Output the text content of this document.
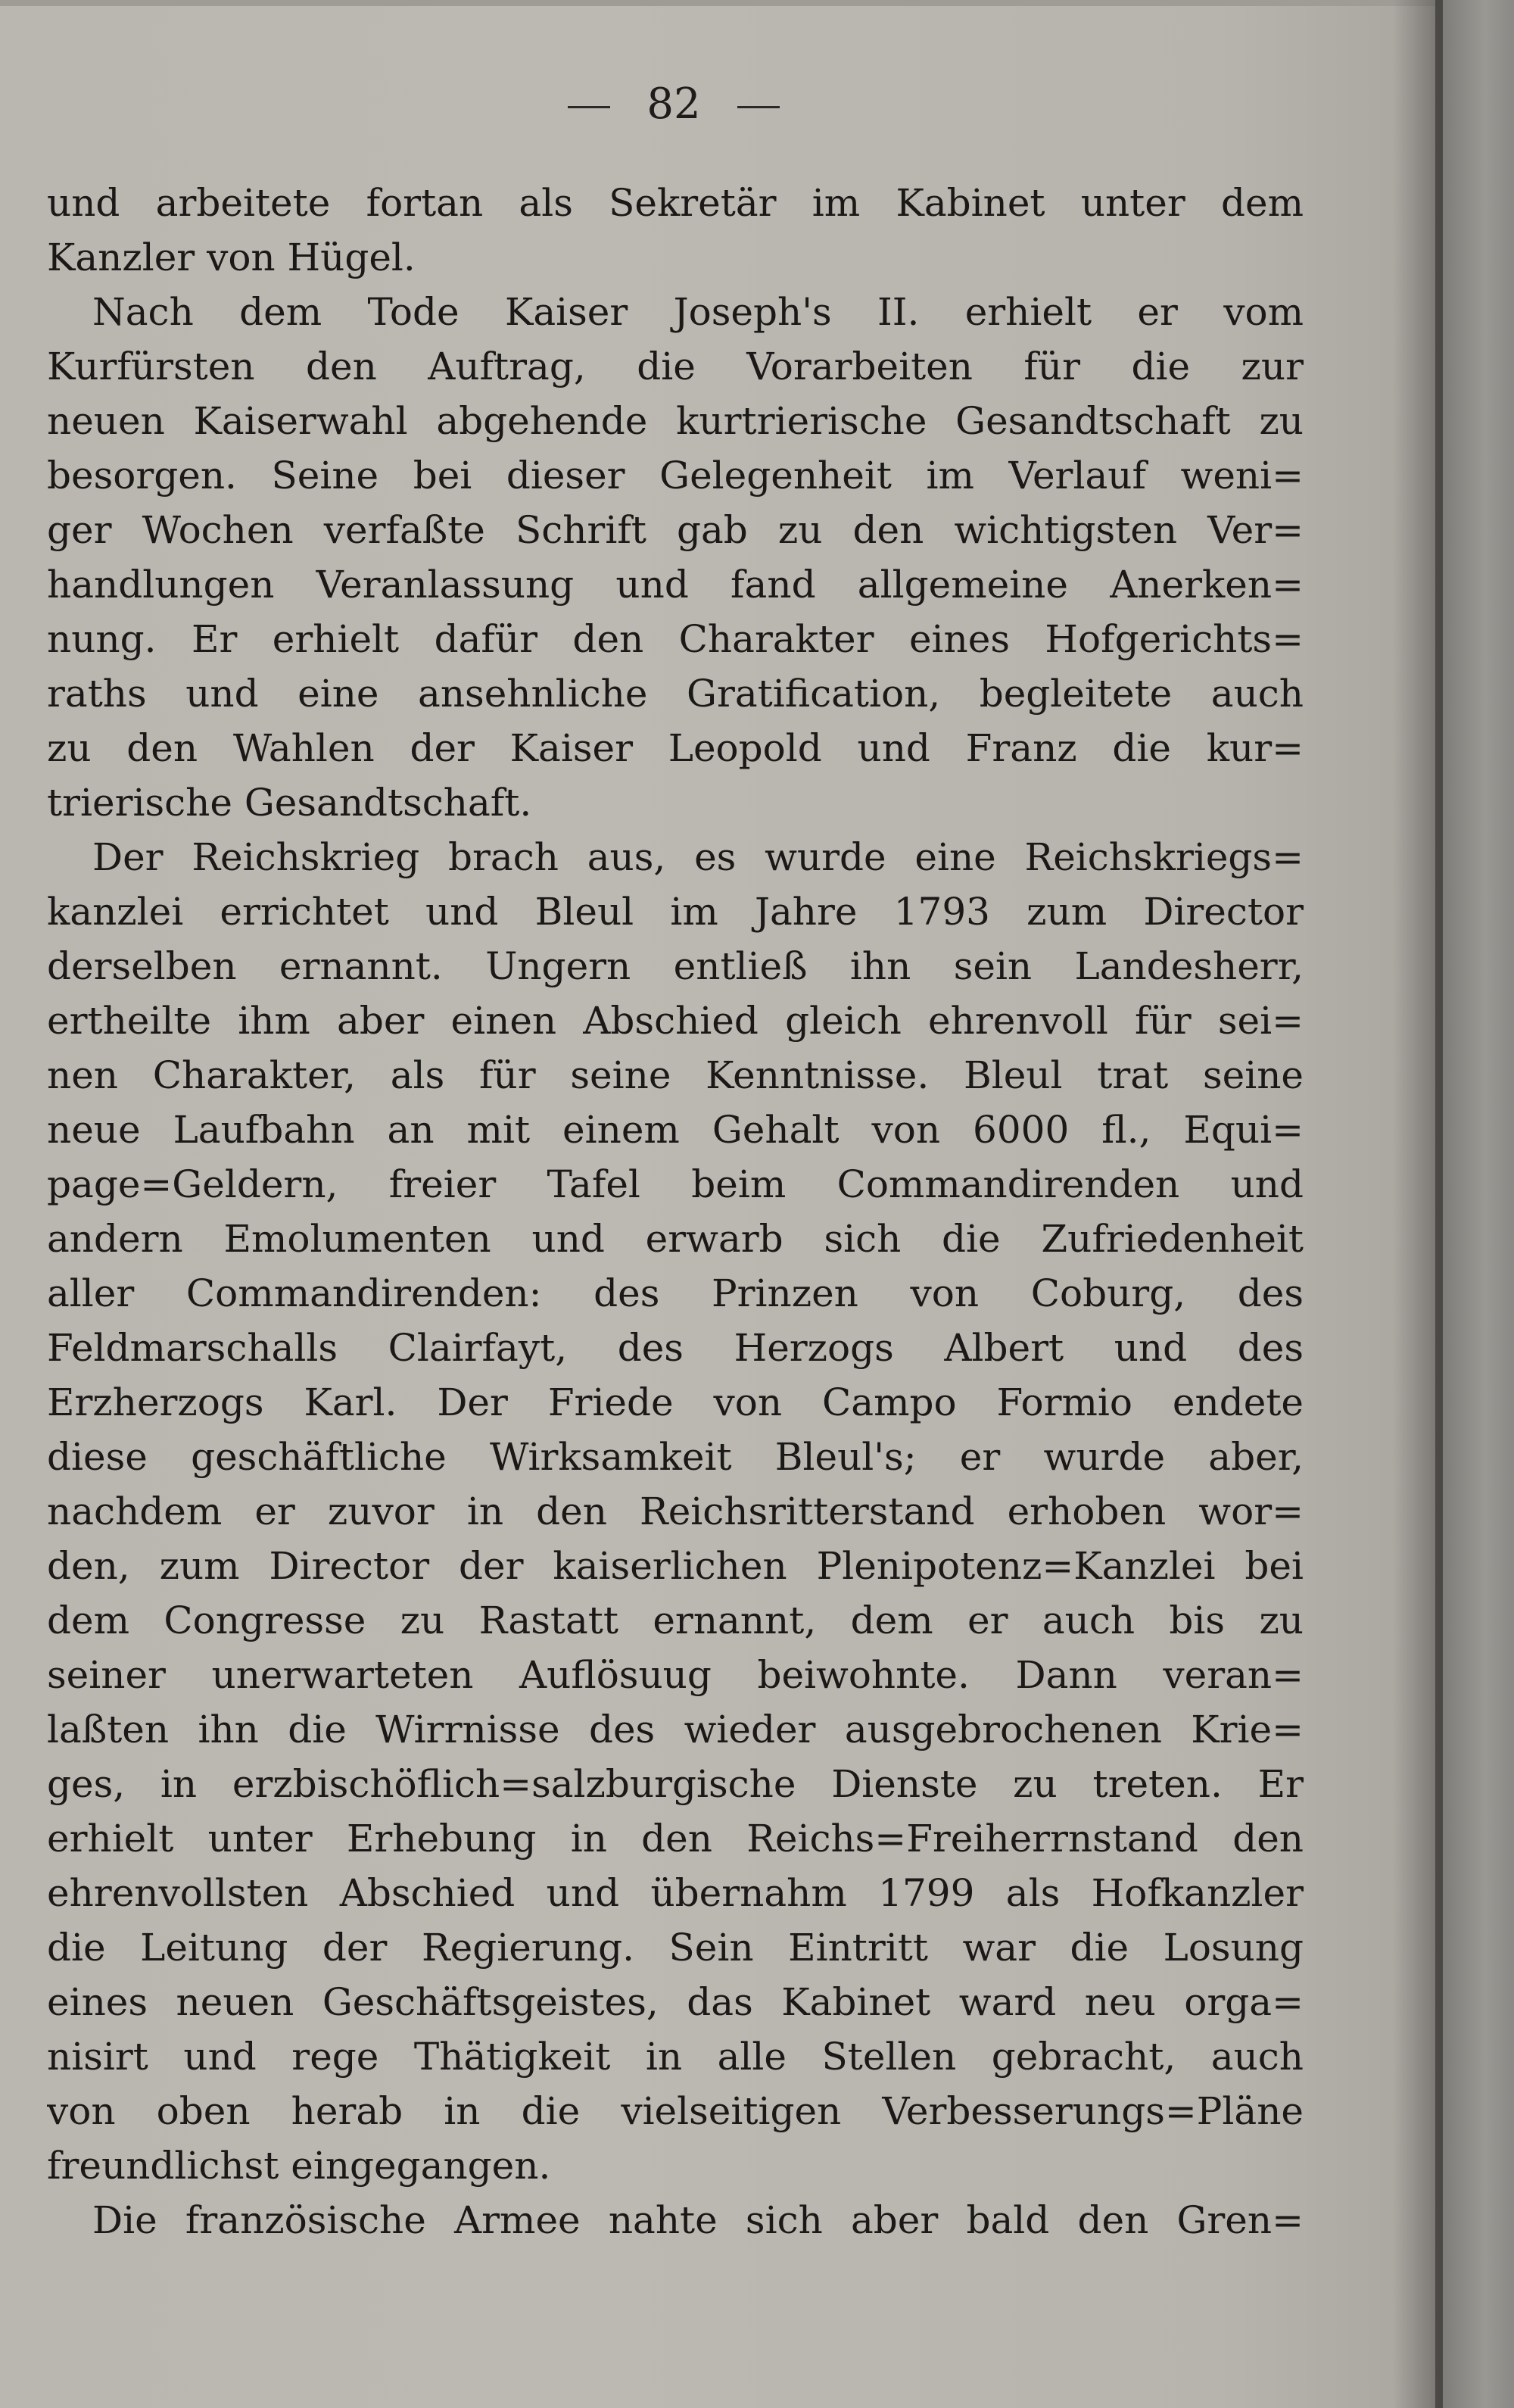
82
und arbeitete fortan als Sekretär im Kabinet unter dem
Kanzler von Hügel.
Nach dem Tode Kaiser Joseph's II. erhielt er vom
Kurfürsten den Auftrag, die Vorarbeiten für die zur
neuen Kaiserwahl abgehende kurtrierische Gesandtschaft zu
besorgen. Seine bei dieser Gelegenheit im Verlauf weni=
ger Wochen verfaßte Schrift gab zu den wichtigsten Ver=
handlungen Veranlassung und fand allgemeine Anerken=
nung. Er erhielt dafür den Charakter eines Hofgerichts=
raths und eine ansehnliche Gratification, begleitete auch
zu den Wahlen der Kaiser Leopold und Franz die kur=
trierische Gesandtschaft.
Der Reichskrieg brach aus, es wurde eine Reichskriegs=
kanzlei errichtet und Bleul im Jahre 1793 zum Director
derselben ernannt. Ungern entließ ihn sein Landesherr,
ertheilte ihm aber einen Abschied gleich ehrenvoll für sei=
nen Charakter, als für seine Kenntnisse. Bleul trat seine
neue Laufbahn an mit einem Gehalt von 6000 fl., Equi=
page=Geldern, freier Tafel beim Commandirenden und
andern Emolumenten und erwarb sich die Zufriedenheit
aller Commandirenden: des Prinzen von Coburg, des
Feldmarschalls Clairfayt, des Herzogs Albert und des
Erzherzogs Karl. Der Friede von Campo Formio endete
diese geschäftliche Wirksamkeit Bleul's; er wurde aber,
nachdem er zuvor in den Reichsritterstand erhoben wor=
den, zum Director der kaiserlichen Plenipotenz=Kanzlei bei
dem Congresse zu Rastatt ernannt, dem er auch bis zu
seiner unerwarteten Auflösuug beiwohnte. Dann veran=
laßten ihn die Wirrnisse des wieder ausgebrochenen Krie=
ges, in erzbischöflich=salzburgische Dienste zu treten. Er
erhielt unter Erhebung in den Reichs=Freiherrnstand den
ehrenvollsten Abschied und übernahm 1799 als Hofkanzler
die Leitung der Regierung. Sein Eintritt war die Losung
eines neuen Geschäftsgeistes, das Kabinet ward neu orga=
nisirt und rege Thätigkeit in alle Stellen gebracht, auch
von oben herab in die vielseitigen Verbesserungs=Pläne
freundlichst eingegangen.
Die französische Armee nahte sich aber bald den Gren=
